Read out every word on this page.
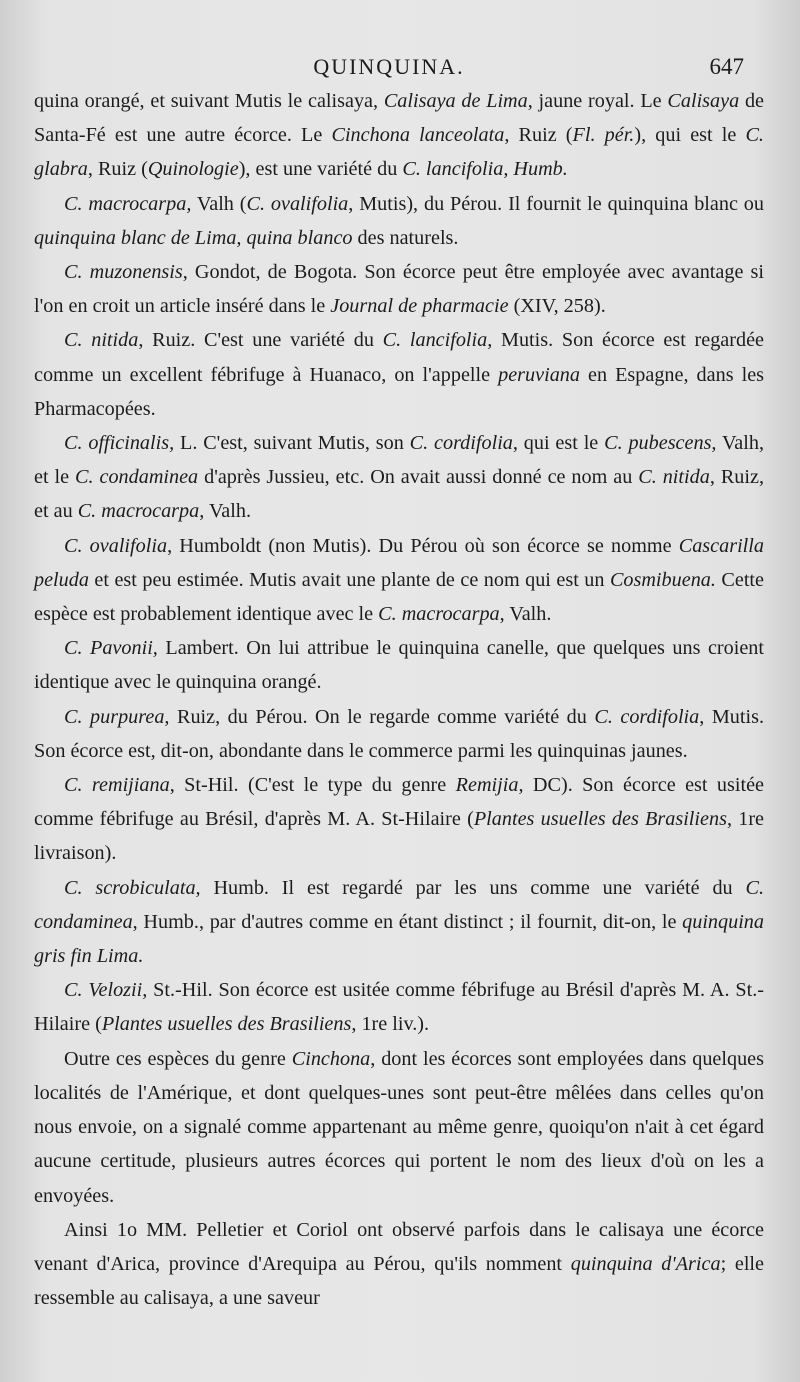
QUINQUINA.	647

quina orangé, et suivant Mutis le calisaya, Calisaya de Lima, jaune royal. Le Calisaya de Santa-Fé est une autre écorce. Le Cinchona lanceolata, Ruiz (Fl. pér.), qui est le C. glabra, Ruiz (Quinologie), est une variété du C. lancifolia, Humb.

C. macrocarpa, Valh (C. ovalifolia, Mutis), du Pérou. Il fournit le quinquina blanc ou quinquina blanc de Lima, quina blanco des naturels.

C. muzonensis, Gondot, de Bogota. Son écorce peut être employée avec avantage si l'on en croit un article inséré dans le Journal de pharmacie (XIV, 258).

C. nitida, Ruiz. C'est une variété du C. lancifolia, Mutis. Son écorce est regardée comme un excellent fébrifuge à Huanaco, on l'appelle peruviana en Espagne, dans les Pharmacopées.

C. officinalis, L. C'est, suivant Mutis, son C. cordifolia, qui est le C. pubescens, Valh, et le C. condaminea d'après Jussieu, etc. On avait aussi donné ce nom au C. nitida, Ruiz, et au C. macrocarpa, Valh.

C. ovalifolia, Humboldt (non Mutis). Du Pérou où son écorce se nomme Cascarilla peluda et est peu estimée. Mutis avait une plante de ce nom qui est un Cosmibuena. Cette espèce est probablement identique avec le C. macrocarpa, Valh.

C. Pavonii, Lambert. On lui attribue le quinquina canelle, que quelques uns croient identique avec le quinquina orangé.

C. purpurea, Ruiz, du Pérou. On le regarde comme variété du C. cordifolia, Mutis. Son écorce est, dit-on, abondante dans le commerce parmi les quinquinas jaunes.

C. remijiana, St-Hil. (C'est le type du genre Remijia, DC). Son écorce est usitée comme fébrifuge au Brésil, d'après M. A. St-Hilaire (Plantes usuelles des Brasiliens, 1re livraison).

C. scrobiculata, Humb. Il est regardé par les uns comme une variété du C. condaminea, Humb., par d'autres comme en étant distinct ; il fournit, dit-on, le quinquina gris fin Lima.

C. Velozii, St.-Hil. Son écorce est usitée comme fébrifuge au Brésil d'après M. A. St.-Hilaire (Plantes usuelles des Brasiliens, 1re liv.).

Outre ces espèces du genre Cinchona, dont les écorces sont employées dans quelques localités de l'Amérique, et dont quelques-unes sont peut-être mêlées dans celles qu'on nous envoie, on a signalé comme appartenant au même genre, quoiqu'on n'ait à cet égard aucune certitude, plusieurs autres écorces qui portent le nom des lieux d'où on les a envoyées.

Ainsi 1o MM. Pelletier et Coriol ont observé parfois dans le calisaya une écorce venant d'Arica, province d'Arequipa au Pérou, qu'ils nomment quinquina d'Arica; elle ressemble au calisaya, a une saveur
